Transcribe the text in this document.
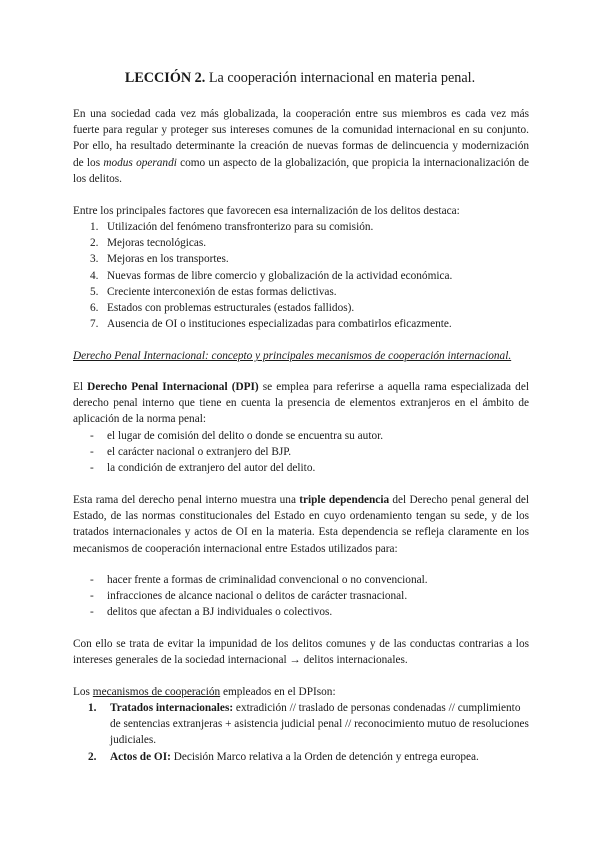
LECCIÓN 2. La cooperación internacional en materia penal.
En una sociedad cada vez más globalizada, la cooperación entre sus miembros es cada vez más fuerte para regular y proteger sus intereses comunes de la comunidad internacional en su conjunto. Por ello, ha resultado determinante la creación de nuevas formas de delincuencia y modernización de los modus operandi como un aspecto de la globalización, que propicia la internacionalización de los delitos.
Entre los principales factores que favorecen esa internalización de los delitos destaca:
1. Utilización del fenómeno transfronterizo para su comisión.
2. Mejoras tecnológicas.
3. Mejoras en los transportes.
4. Nuevas formas de libre comercio y globalización de la actividad económica.
5. Creciente interconexión de estas formas delictivas.
6. Estados con problemas estructurales (estados fallidos).
7. Ausencia de OI o instituciones especializadas para combatirlos eficazmente.
Derecho Penal Internacional: concepto y principales mecanismos de cooperación internacional.
El Derecho Penal Internacional (DPI) se emplea para referirse a aquella rama especializada del derecho penal interno que tiene en cuenta la presencia de elementos extranjeros en el ámbito de aplicación de la norma penal:
- el lugar de comisión del delito o donde se encuentra su autor.
- el carácter nacional o extranjero del BJP.
- la condición de extranjero del autor del delito.
Esta rama del derecho penal interno muestra una triple dependencia del Derecho penal general del Estado, de las normas constitucionales del Estado en cuyo ordenamiento tengan su sede, y de los tratados internacionales y actos de OI en la materia. Esta dependencia se refleja claramente en los mecanismos de cooperación internacional entre Estados utilizados para:
- hacer frente a formas de criminalidad convencional o no convencional.
- infracciones de alcance nacional o delitos de carácter trasnacional.
- delitos que afectan a BJ individuales o colectivos.
Con ello se trata de evitar la impunidad de los delitos comunes y de las conductas contrarias a los intereses generales de la sociedad internacional → delitos internacionales.
Los mecanismos de cooperación empleados en el DPIson:
1. Tratados internacionales: extradición // traslado de personas condenadas // cumplimiento de sentencias extranjeras + asistencia judicial penal // reconocimiento mutuo de resoluciones judiciales.
2. Actos de OI: Decisión Marco relativa a la Orden de detención y entrega europea.
